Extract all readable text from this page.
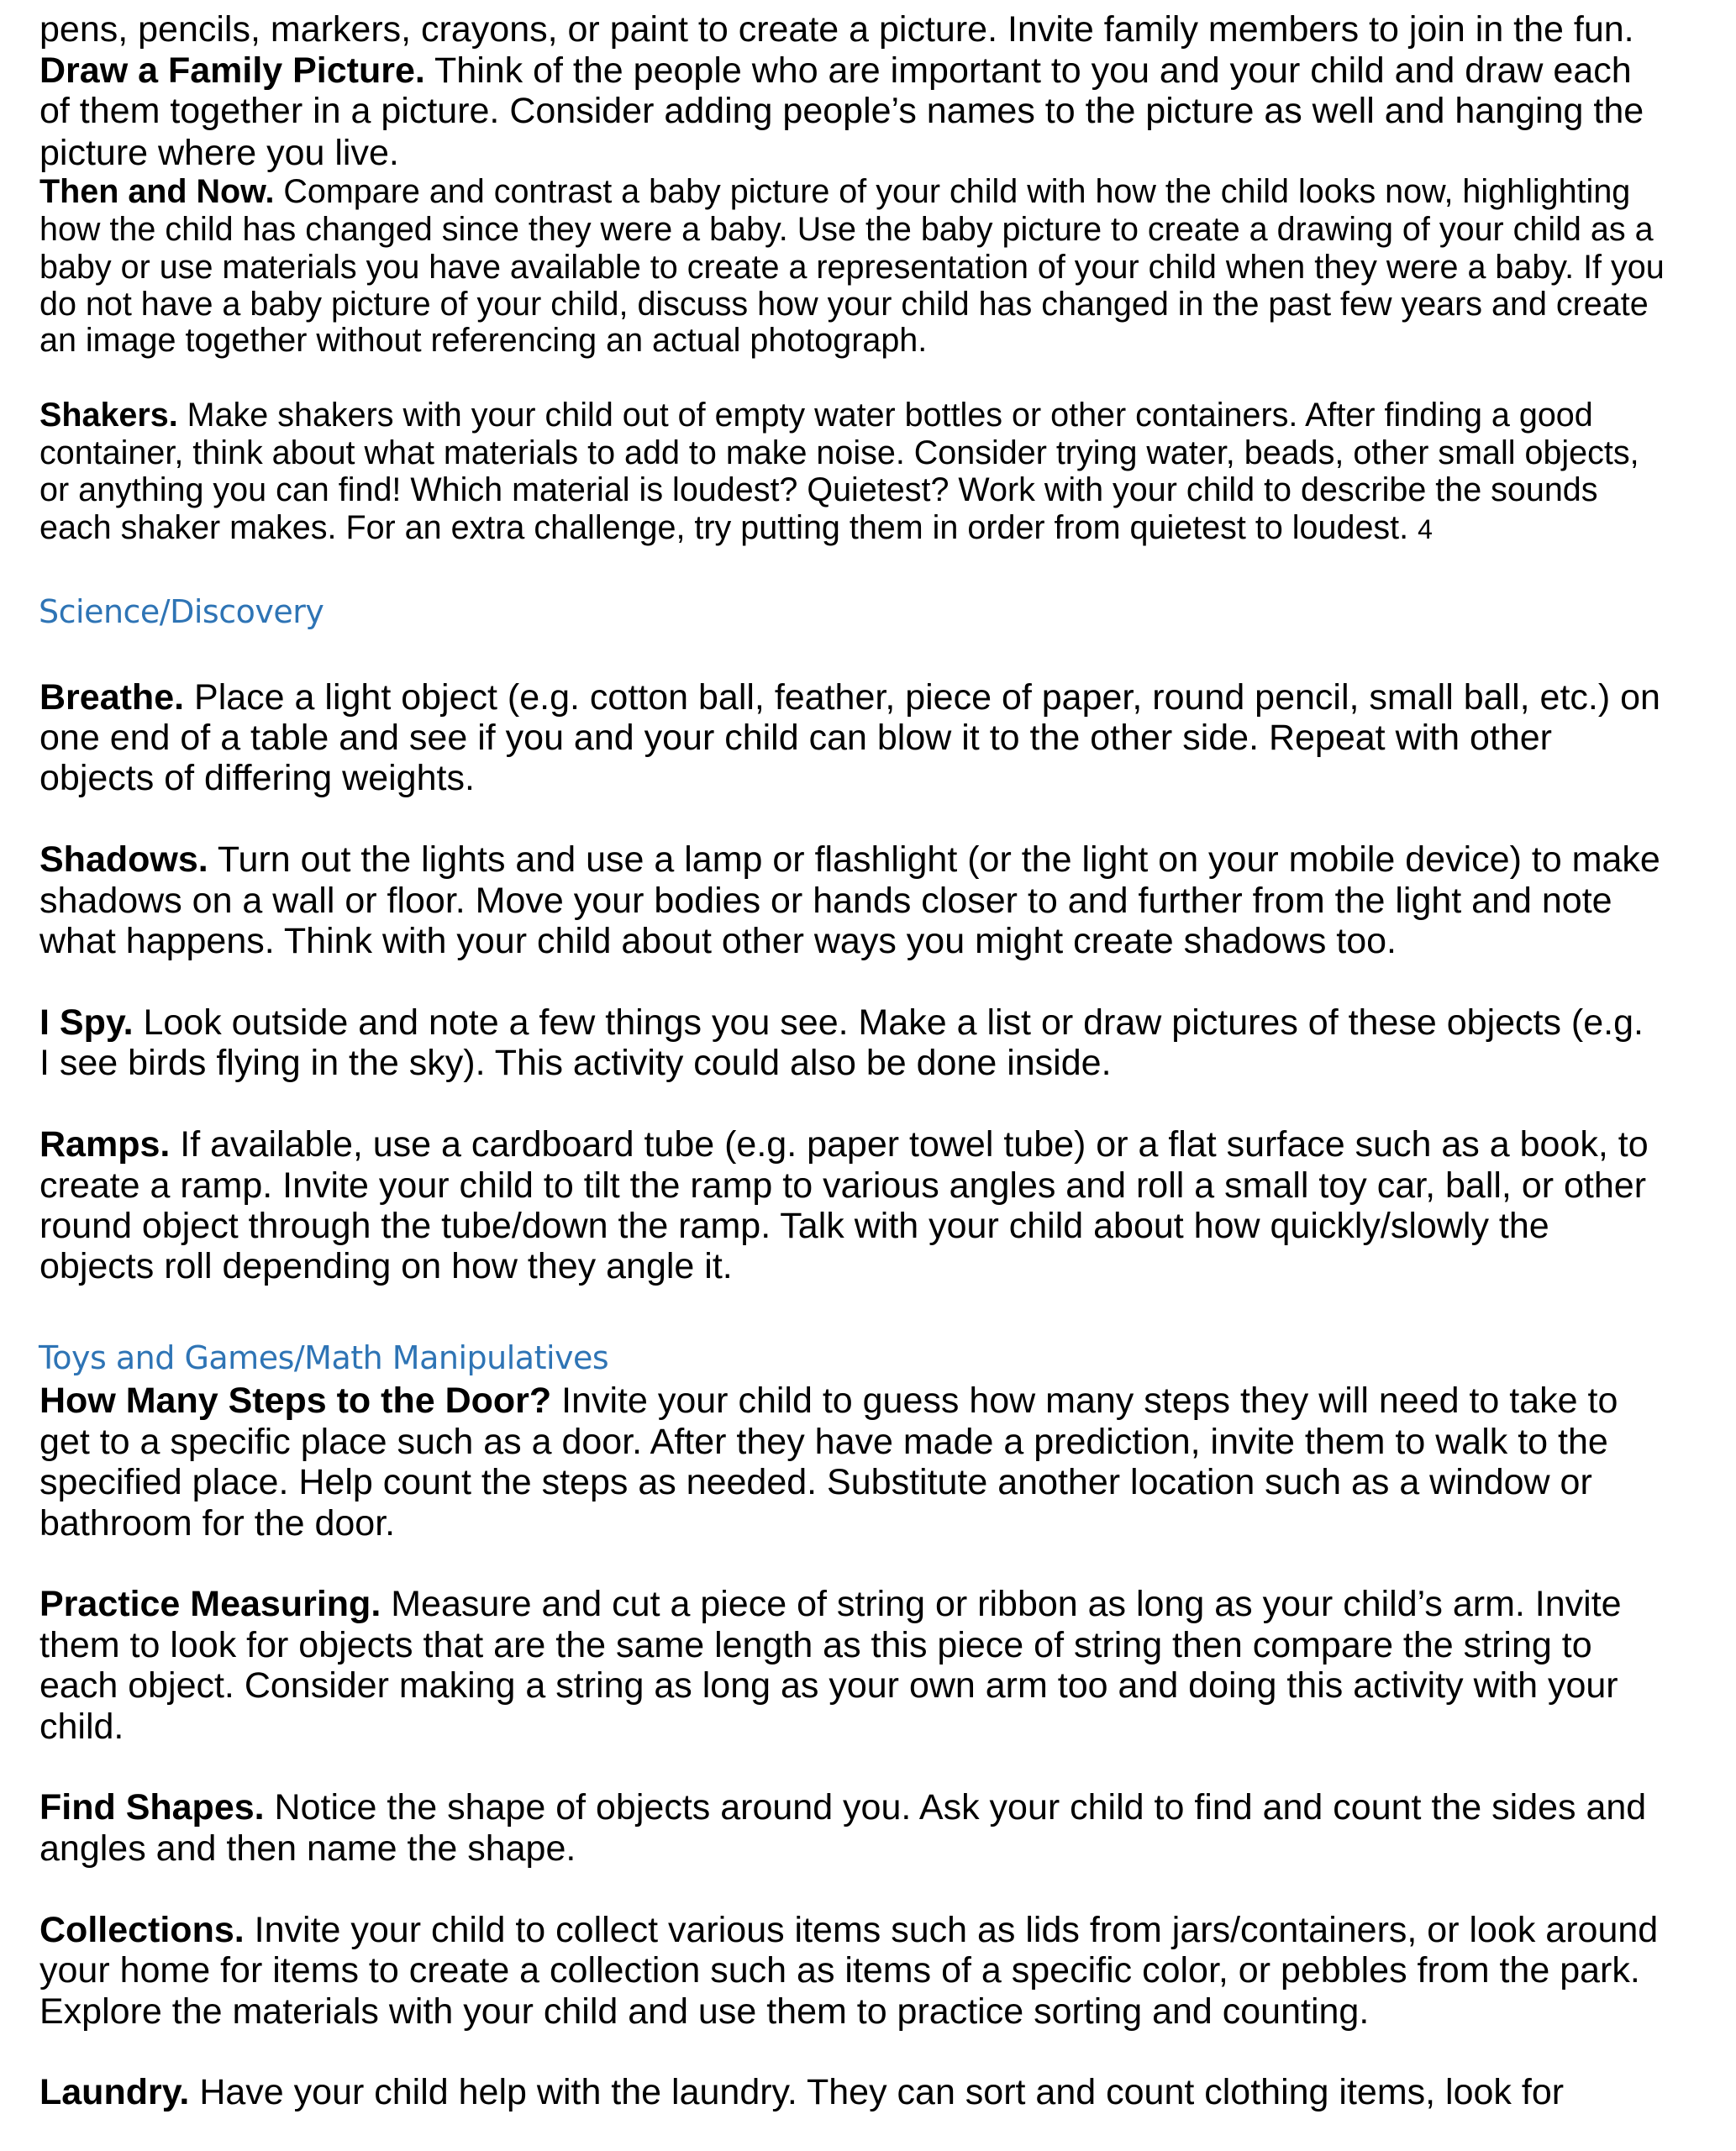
pens, pencils, markers, crayons, or paint to create a picture. Invite family members to join in the fun.
Draw a Family Picture. Think of the people who are important to you and your child and draw each
of them together in a picture. Consider adding people’s names to the picture as well and hanging the
picture where you live.
Then and Now. Compare and contrast a baby picture of your child with how the child looks now, highlighting
how the child has changed since they were a baby. Use the baby picture to create a drawing of your child as a
baby or use materials you have available to create a representation of your child when they were a baby. If you
do not have a baby picture of your child, discuss how your child has changed in the past few years and create
an image together without referencing an actual photograph.
Shakers. Make shakers with your child out of empty water bottles or other containers. After finding a good
container, think about what materials to add to make noise. Consider trying water, beads, other small objects,
or anything you can find! Which material is loudest? Quietest? Work with your child to describe the sounds
each shaker makes. For an extra challenge, try putting them in order from quietest to loudest. 4
Science/Discovery
Breathe. Place a light object (e.g. cotton ball, feather, piece of paper, round pencil, small ball, etc.) on
one end of a table and see if you and your child can blow it to the other side. Repeat with other
objects of differing weights.
Shadows. Turn out the lights and use a lamp or flashlight (or the light on your mobile device) to make
shadows on a wall or floor. Move your bodies or hands closer to and further from the light and note
what happens. Think with your child about other ways you might create shadows too.
I Spy. Look outside and note a few things you see. Make a list or draw pictures of these objects (e.g.
I see birds flying in the sky). This activity could also be done inside.
Ramps. If available, use a cardboard tube (e.g. paper towel tube) or a flat surface such as a book, to
create a ramp. Invite your child to tilt the ramp to various angles and roll a small toy car, ball, or other
round object through the tube/down the ramp. Talk with your child about how quickly/slowly the
objects roll depending on how they angle it.
Toys and Games/Math Manipulatives
How Many Steps to the Door? Invite your child to guess how many steps they will need to take to
get to a specific place such as a door. After they have made a prediction, invite them to walk to the
specified place. Help count the steps as needed. Substitute another location such as a window or
bathroom for the door.
Practice Measuring. Measure and cut a piece of string or ribbon as long as your child’s arm. Invite
them to look for objects that are the same length as this piece of string then compare the string to
each object. Consider making a string as long as your own arm too and doing this activity with your
child.
Find Shapes. Notice the shape of objects around you. Ask your child to find and count the sides and
angles and then name the shape.
Collections. Invite your child to collect various items such as lids from jars/containers, or look around
your home for items to create a collection such as items of a specific color, or pebbles from the park.
Explore the materials with your child and use them to practice sorting and counting.
Laundry. Have your child help with the laundry. They can sort and count clothing items, look for
